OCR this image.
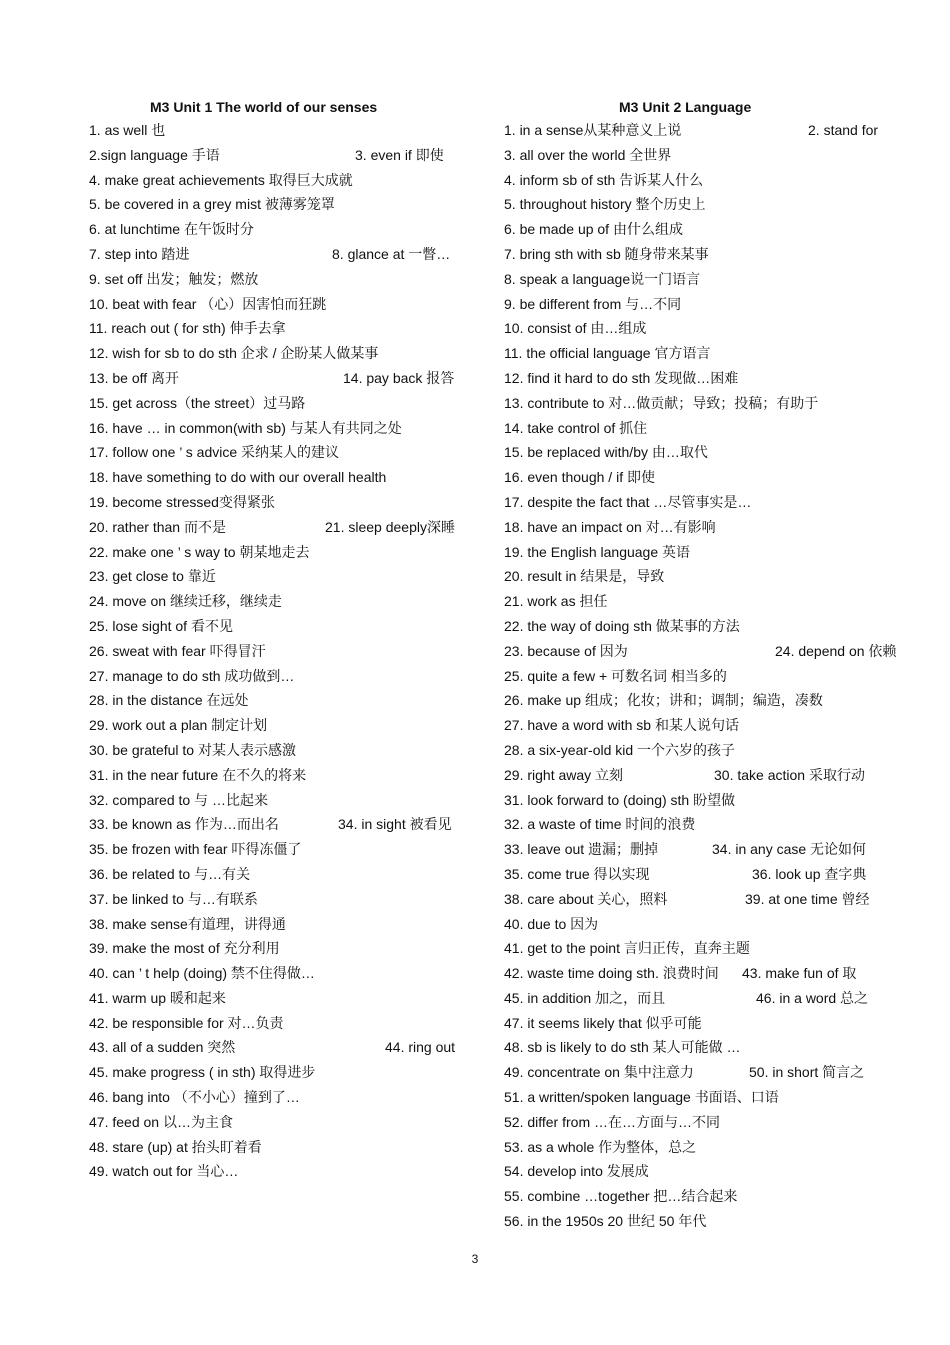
M3 Unit 1 The world of our senses
1. as well 也
2.sign language 手语	3. even if 即使
4. make great achievements 取得巨大成就
5. be covered in a grey mist 被薄雾笼罩
6. at lunchtime 在午饭时分
7. step into 踏进	8. glance at 一瞥…
9. set off 出发；触发；燃放
10. beat with fear （心）因害怕而狂跳
11. reach out ( for sth) 伸手去拿
12. wish for sb to do sth 企求 / 企盼某人做某事
13. be off 离开	14. pay back 报答
15. get across（the street）过马路
16. have … in common(with sb) 与某人有共同之处
17. follow one ’ s advice 采纳某人的建议
18. have something to do with our overall health
19. become stressed变得紧张
20. rather than 而不是	21. sleep deeply深睡
22. make one ’ s way to 朝某地走去
23. get close to 靠近
24. move on 继续迁移，继续走
25. lose sight of 看不见
26. sweat with fear 吓得冒汗
27. manage to do sth 成功做到…
28. in the distance 在远处
29. work out a plan 制定计划
30. be grateful to 对某人表示感激
31. in the near future 在不久的将来
32. compared to 与 …比起来
33. be known as 作为…而出名	34. in sight 被看见
35. be frozen with fear 吓得冻僵了
36. be related to 与…有关
37. be linked to 与…有联系
38. make sense有道理，讲得通
39. make the most of 充分利用
40. can ’ t help (doing) 禁不住得做…
41. warm up 暖和起来
42. be responsible for 对…负责
43. all of a sudden 突然	44. ring out
45. make progress ( in sth) 取得进步
46. bang into （不小心）撞到了…
47. feed on 以…为主食
48. stare (up) at 抬头盯着看
49. watch out for 当心…
M3 Unit 2 Language
1. in a sense从某种意义上说	2. stand for
3. all over the world 全世界
4. inform sb of sth 告诉某人什么
5. throughout history 整个历史上
6. be made up of 由什么组成
7. bring sth with sb 随身带来某事
8. speak a language说一门语言
9. be different from 与…不同
10. consist of 由…组成
11. the official language 官方语言
12. find it hard to do sth 发现做…困难
13. contribute to 对…做贡献；导致；投稿；有助于
14. take control of 抓住
15. be replaced with/by 由…取代
16. even though / if 即使
17. despite the fact that …尽管事实是…
18. have an impact on 对…有影响
19. the English language 英语
20. result in 结果是，导致
21. work as 担任
22. the way of doing sth 做某事的方法
23. because of 因为	24. depend on 依赖
25. quite a few + 可数名词 相当多的
26. make up 组成；化妆；讲和；调制；编造，凑数
27. have a word with sb 和某人说句话
28. a six-year-old kid 一个六岁的孩子
29. right away 立刻	30. take action 采取行动
31. look forward to (doing) sth 盼望做
32. a waste of time 时间的浪费
33. leave out 遗漏；删掉	34. in any case 无论如何
35. come true 得以实现	36. look up 查字典
38. care about 关心，照料	39. at one time 曾经
40. due to 因为
41. get to the point 言归正传，直奔主题
42. waste time doing sth. 浪费时间 43. make fun of 取
45. in addition 加之，而且	46. in a word 总之
47. it seems likely that 似乎可能
48. sb is likely to do sth 某人可能做 …
49. concentrate on 集中注意力	50. in short 简言之
51. a written/spoken language 书面语、口语
52. differ from …在…方面与…不同
53. as a whole 作为整体，总之
54. develop into 发展成
55. combine …together 把…结合起来
56. in the 1950s 20 世纪 50 年代
3
